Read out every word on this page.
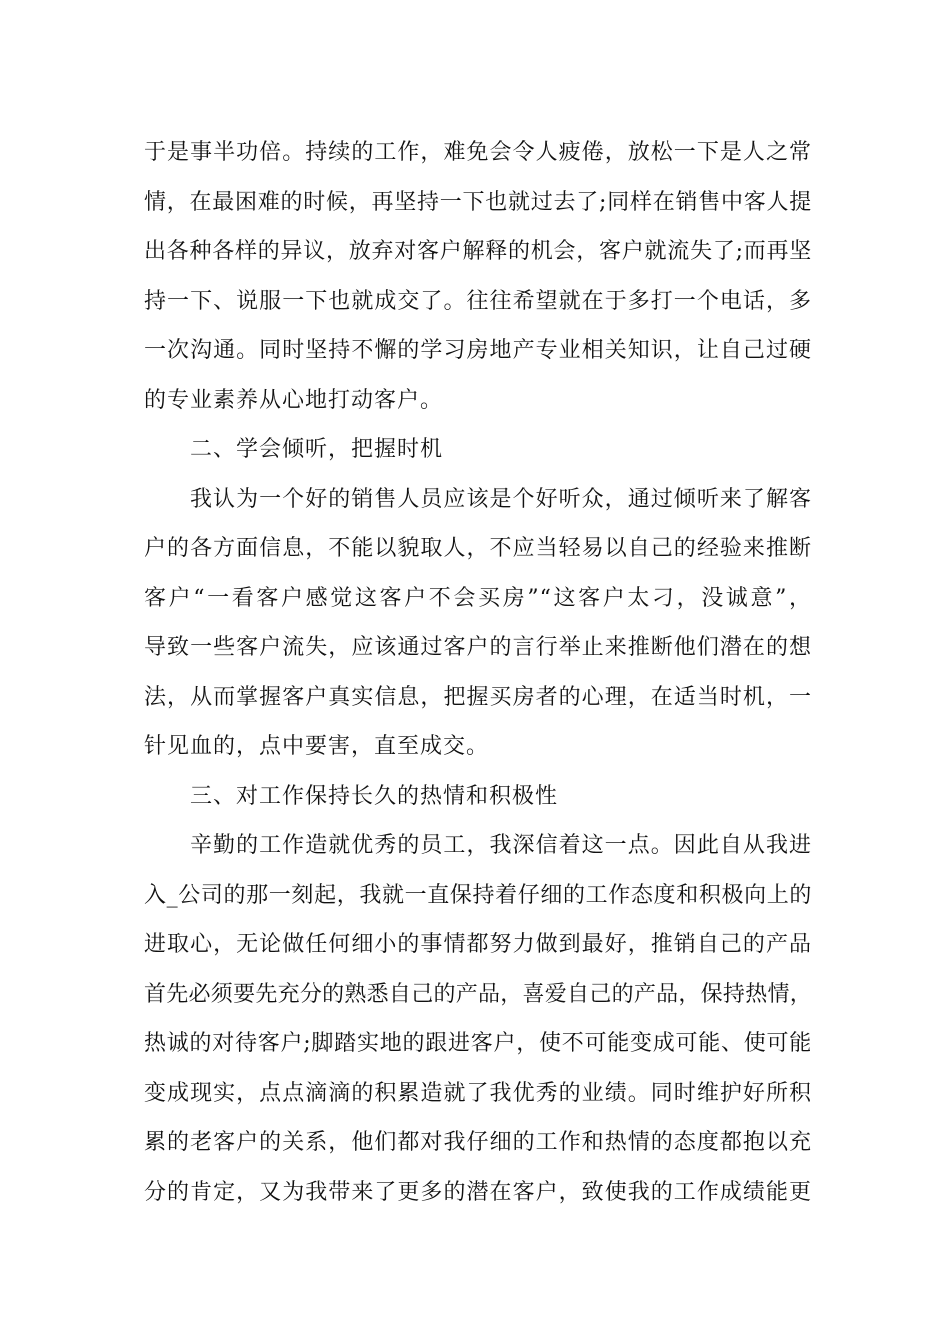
于是事半功倍。持续的工作，难免会令人疲倦，放松一下是人之常
情，在最困难的时候，再坚持一下也就过去了;同样在销售中客人提
出各种各样的异议，放弃对客户解释的机会，客户就流失了;而再坚
持一下、说服一下也就成交了。往往希望就在于多打一个电话，多
一次沟通。同时坚持不懈的学习房地产专业相关知识，让自己过硬
的专业素养从心地打动客户。
二、学会倾听，把握时机
我认为一个好的销售人员应该是个好听众，通过倾听来了解客
户的各方面信息，不能以貌取人，不应当轻易以自己的经验来推断
客户“一看客户感觉这客户不会买房”“这客户太刁，没诚意”，
导致一些客户流失，应该通过客户的言行举止来推断他们潜在的想
法，从而掌握客户真实信息，把握买房者的心理，在适当时机，一
针见血的，点中要害，直至成交。
三、对工作保持长久的热情和积极性
辛勤的工作造就优秀的员工，我深信着这一点。因此自从我进
入_公司的那一刻起，我就一直保持着仔细的工作态度和积极向上的
进取心，无论做任何细小的事情都努力做到最好，推销自己的产品
首先必须要先充分的熟悉自己的产品，喜爱自己的产品，保持热情，
热诚的对待客户;脚踏实地的跟进客户，使不可能变成可能、使可能
变成现实，点点滴滴的积累造就了我优秀的业绩。同时维护好所积
累的老客户的关系，他们都对我仔细的工作和热情的态度都抱以充
分的肯定，又为我带来了更多的潜在客户，致使我的工作成绩能更
